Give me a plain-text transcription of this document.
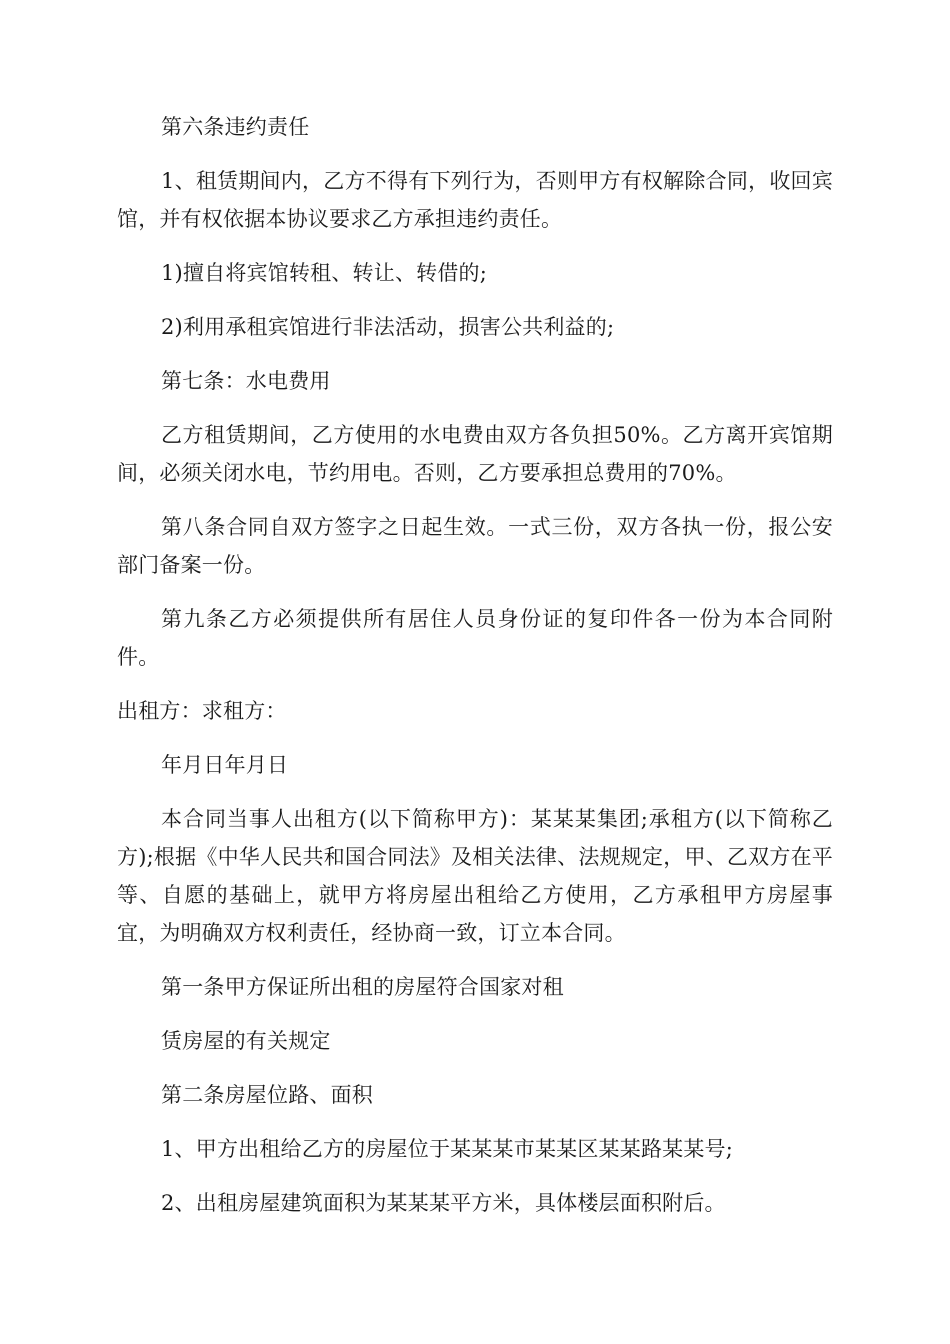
第六条违约责任

1、租赁期间内，乙方不得有下列行为，否则甲方有权解除合同，收回宾馆，并有权依据本协议要求乙方承担违约责任。

1)擅自将宾馆转租、转让、转借的;

2)利用承租宾馆进行非法活动，损害公共利益的;

第七条：水电费用

乙方租赁期间，乙方使用的水电费由双方各负担50%。乙方离开宾馆期间，必须关闭水电，节约用电。否则，乙方要承担总费用的70%。

第八条合同自双方签字之日起生效。一式三份，双方各执一份，报公安部门备案一份。

第九条乙方必须提供所有居住人员身份证的复印件各一份为本合同附件。

出租方：求租方：

年月日年月日

本合同当事人出租方(以下简称甲方)：某某某集团;承租方(以下简称乙方);根据《中华人民共和国合同法》及相关法律、法规规定，甲、乙双方在平等、自愿的基础上，就甲方将房屋出租给乙方使用，乙方承租甲方房屋事宜，为明确双方权利责任，经协商一致，订立本合同。

第一条甲方保证所出租的房屋符合国家对租

赁房屋的有关规定

第二条房屋位路、面积

1、甲方出租给乙方的房屋位于某某某市某某区某某路某某号;

2、出租房屋建筑面积为某某某平方米，具体楼层面积附后。
